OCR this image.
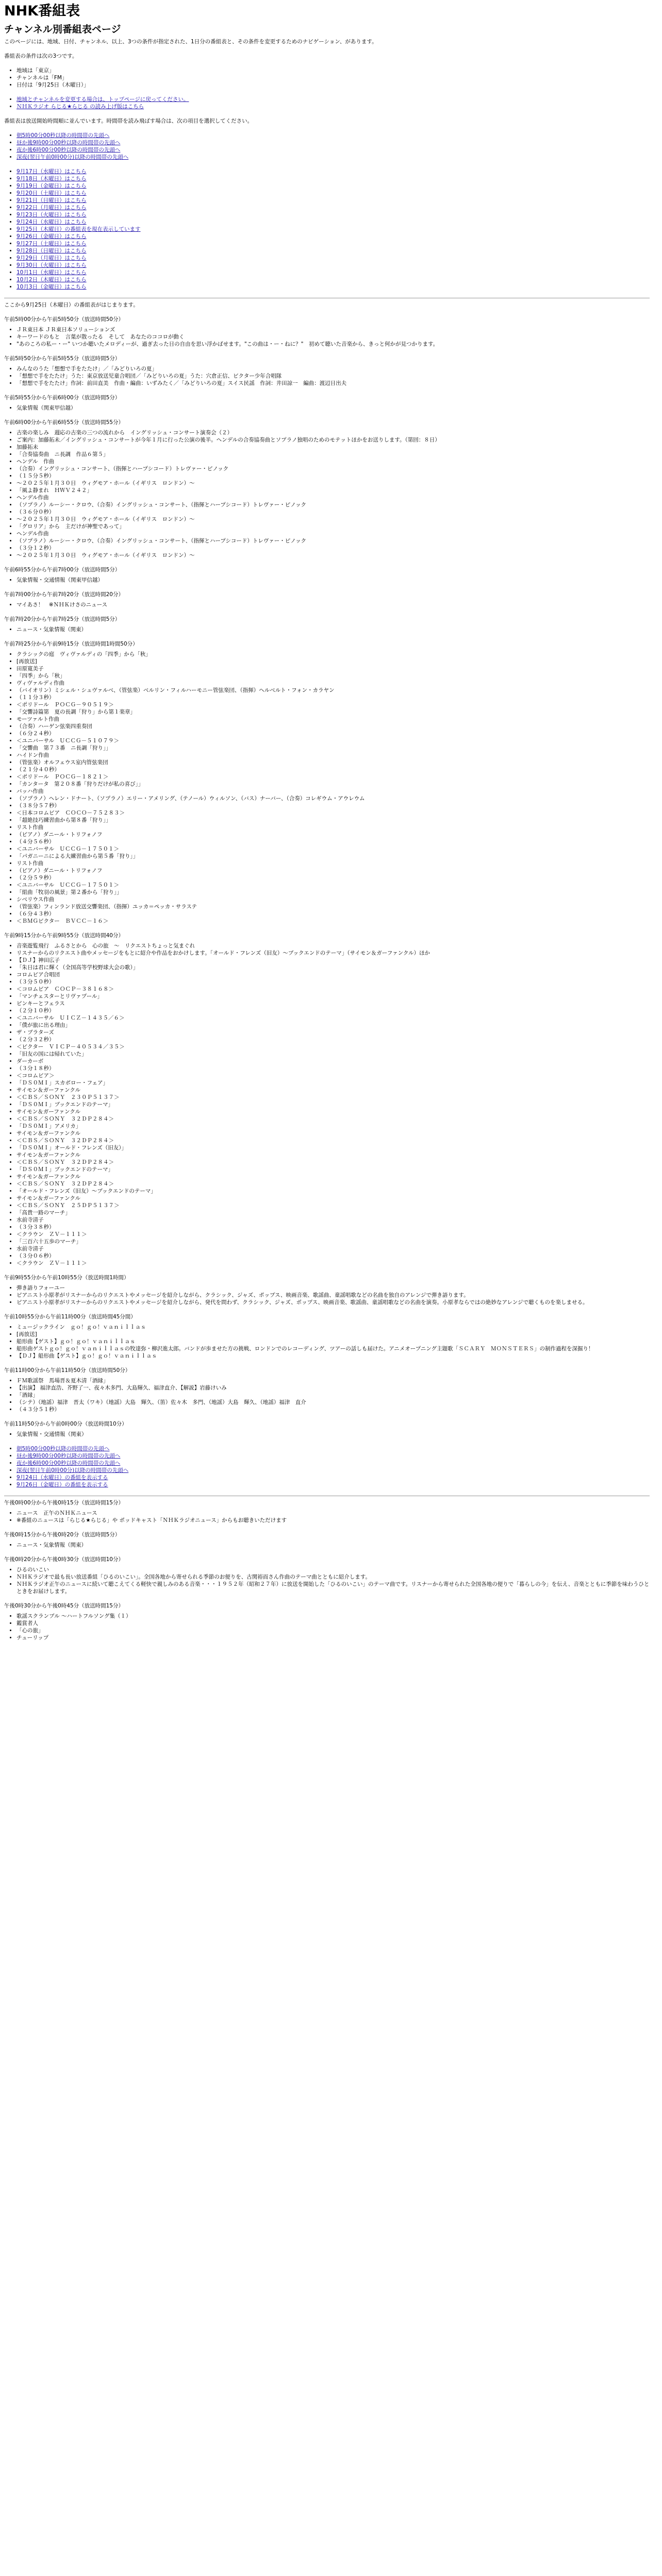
NHK番組表
チャンネル別番組表ページ

このページには、地域、日付、チャンネル、以上、3つの条件が指定された、1日分の番組表と、その条件を変更するためのナビゲーション、があります。

番組表の条件は次の3つです。

• 地域は「東京」
• チャンネルは「FM」
• 日付は「9月25日（木曜日）」
• 地域とチャンネルを変更する場合は、トップページに戻ってください。
• ＮＨＫラジオ らじる★らじる の読み上げ版はこちら

番組表は放送開始時間順に並んでいます。時間帯を読み飛ばす場合は、次の項目を選択してください。

• 朝5時00分00秒以降の時間帯の先頭へ
• 昼か後9時00分00秒以降の時間帯の先頭へ
• 夜か後6時00分00秒以降の時間帯の先頭へ
• 深夜(翌日午前0時00分)以降の時間帯の先頭へ
• 9月17日（水曜日）はこちら
• 9月18日（木曜日）はこちら
• 9月19日（金曜日）はこちら
• 9月20日（土曜日）はこちら
• 9月21日（日曜日）はこちら
• 9月22日（月曜日）はこちら
• 9月23日（火曜日）はこちら
• 9月24日（水曜日）はこちら
• 9月25日（木曜日）の番組表を現在表示しています
• 9月26日（金曜日）はこちら
• 9月27日（土曜日）はこちら
• 9月28日（日曜日）はこちら
• 9月29日（月曜日）はこちら
• 9月30日（火曜日）はこちら
• 10月1日（水曜日）はこちら
• 10月2日（木曜日）はこちら
• 10月3日（金曜日）はこちら

ここから9月25日（木曜日）の番組表がはじまります。

午前5時00分から午前5時50分（放送時間50分）

• ＪＲ東日本 ＪＲ東日本ソリューションズ
• キーワードのもと　言葉が散ったる　そして　あなたのココロが動く
• "あのころの私ー・ー" いつか聴いたメロディーが、過ぎ去った日の自由を思い浮かばせます。"この曲は・ー・ねに？"　初めて聴いた音楽から、きっと何かが見つかります。

午前5時50分から午前5時55分（放送時間5分）

• みんなのうた「想想で手をたたけ」／「みどりいろの夏」
• 「想想で手をたたけ」うた：東京放送児童合唱団／「みどりいろの夏」うた：穴倉正信、ビクター少年合唱隊
• 「想想で手をたたけ」作詞：前田直美　作曲・編曲：いずみたく／「みどりいろの夏」スイス民謡　作詞：井田諒一　編曲：渡辺日出夫

午前5時55分から午前6時00分（放送時間5分）

• 気象情報（関東甲信越）

午前6時00分から午前6時55分（放送時間55分）

• 古楽の楽しみ　週応の古楽の三つの流れから　イングリッシュ・コンサート演奏会（２）
• ご案内：加藤拓未／イングリッシュ・コンサートが今年１月に行った公演の後半。ヘンデルの合奏協奏曲とソプラノ独唱のためのモテットほかをお送りします。（第回：８日）
• 加藤拓未
• 「合奏協奏曲　ニ長調　作品６第５」
• ヘンデル　作曲
• （合奏）イングリッシュ・コンサート、（指揮とハープシコード）トレヴァー・ピノック
• （１５分５秒）
• ～２０２５年１月３０日　ウィグモア・ホール（イギリス　ロンドン）～
• 「風よ静まれ　ＨＷＶ２４２」
• ヘンデル作曲
• （ソプラノ）ルーシー・クロウ、（合奏）イングリッシュ・コンサート、（指揮とハープシコード）トレヴァー・ピノック
• （３６分０秒）
• ～２０２５年１月３０日　ウィグモア・ホール（イギリス　ロンドン）～
• 「グロリア」から　主だけが神聖であって」
• ヘンデル作曲
• （ソプラノ）ルーシー・クロウ、（合奏）イングリッシュ・コンサート、（指揮とハープシコード）トレヴァー・ピノック
• （３分１２秒）
• ～２０２５年１月３０日　ウィグモア・ホール（イギリス　ロンドン）～

午前6時55分から午前7時00分（放送時間5分）

• 気象情報・交通情報（関東甲信越）

午前7時00分から午前7時20分（放送時間20分）

• マイあさ！　※ＮＨＫけさのニュース

午前7時20分から午前7時25分（放送時間5分）

• ニュース・気象情報（関東）

午前7時25分から午前9時15分（放送時間1時間50分）

• クラシックの庭　ヴィヴァルディの「四季」から「秋」
• [再放送]
• 田原寛美子
• 「四季」から「秋」
• ヴィヴァルディ作曲
• （バイオリン）ミシェル・シュヴァルベ、（管弦楽）ベルリン・フィルハーモニー管弦楽団、（指揮）ヘルベルト・フォン・カラヤン
• （１１分３秒）
• ＜ポリドール　ＰＯＣＧ－９０５１９＞
• 「交響詩篇第　夏の長調「狩り」から第１楽章」
• モーツァルト作曲
• （合奏）ハーゲン弦楽四重奏団
• （６分２４秒）
• ＜ユニバーサル　ＵＣＣＧ－５１０７９＞
• 「交響曲　第７３番　ニ長調「狩り」」
• ハイドン作曲
• （管弦楽）オルフェウス室内管弦楽団
• （２１分４０秒）
• ＜ポリドール　ＰＯＣＧ－１８２１＞
• 「カンタータ　第２０８番「狩りだけが私の喜び」」
• バッハ作曲
• （ソプラノ）ヘレン・ドナート、（ソプラノ）エリー・アメリング、（テノール）ウィルソン、（バス）ナーバー、（合奏）コレギウム・アウレウム
• （３８分５７秒）
• ＜日本コロムビア　ＣＯＣＯ－７５２８３＞
• 「超絶技巧練習曲から第８番「狩り」」
• リスト作曲
• （ピアノ）ダニール・トリフォノフ
• （４分５６秒）
• ＜ユニバーサル　ＵＣＣＧ－１７５０１＞
• 「パガニーニによる大練習曲から第５番「狩り」」
• リスト作曲
• （ピアノ）ダニール・トリフォノフ
• （２分５９秒）
• ＜ユニバーサル　ＵＣＣＧ－１７５０１＞
• 「組曲「牧羽の風景」第２番から「狩り」」
• シベリウス作曲
• （管弦楽）フィンランド放送交響楽団、（指揮）ユッカ＝ペッカ・サラステ
• （６分４３秒）
• ＜ＢＭＧビクター　ＢＶＣＣ－１６＞

午前9時15分から午前9時55分（放送時間40分）

• 音楽遊覧飛行　ふるさとから　心の旅　～　リクエストちょっと気まぐれ
• リスナーからのリクエスト曲やメッセージをもとに紹介や作品をおかけします。「オールド・フレンズ（旧友）～ブックエンドのテーマ」（サイモン＆ガーファンクル）ほか
• 【ＤＪ】神田広子
• 「朱日は君に輝く（全国高等学校野球大会の歌）」
• コロムビア合唱団
• （３分５０秒）
• ＜コロムビア　ＣＯＣＰ－３８１６８＞
• 「マンチェスターとリヴァプール」
• ピンキーとフェラス
• （２分１０秒）
• ＜ユニバーサル　ＵＩＣＺ－１４３５／６＞
• 「僕が旅に出る理由」
• ザ・ブラターズ
• （２分３２秒）
• ＜ビクター　ＶＩＣＰ－４０５３４／３５＞
• 「旧友の国には帰れていた」
• ダーカーボ
• （３分１８秒）
• ＜コロムビア＞
• 「ＤＳ０ＭＩ」スカボロー・フェア」
• サイモン＆ガーファンクル
• ＜ＣＢＳ／ＳＯＮＹ　２３０Ｐ５１３７＞
• 「ＤＳ０ＭＩ」ブックエンドのテーマ」
• サイモン＆ガーファンクル
• ＜ＣＢＳ／ＳＯＮＹ　３２ＤＰ２８４＞
• 「ＤＳ０ＭＩ」アメリカ」
• サイモン＆ガーファンクル
• ＜ＣＢＳ／ＳＯＮＹ　３２ＤＰ２８４＞
• 「ＤＳ０ＭＩ」オールド・フレンズ（旧友）」
• サイモン＆ガーファンクル
• ＜ＣＢＳ／ＳＯＮＹ　３２ＤＰ２８４＞
• 「ＤＳ０ＭＩ」ブックエンドのテーマ」
• サイモン＆ガーファンクル
• ＜ＣＢＳ／ＳＯＮＹ　３２ＤＰ２８４＞
• 「オールド・フレンズ（旧友）～ブックエンドのテーマ」
• サイモン＆ガーファンクル
• ＜ＣＢＳ／ＳＯＮＹ　２５ＤＰ５１３７＞
• 「高貴一路のマーチ」
• 水前寺清子
• （３分３８秒）
• ＜クラウン　ＺＶ－１１１＞
• 「三百六十五歩のマーチ」
• 水前寺清子
• （３分０６秒）
• ＜クラウン　ＺＶ－１１１＞

午前9時55分から午前10時55分（放送時間1時間）

• 弾き語りフォーユー
• ピアニスト小原孝がリスナーからのリクエストやメッセージを紹介しながら、クラシック、ジャズ、ポップス、映画音楽、歌謡曲、童謡唱歌などの名曲を独自のアレンジで弾き語ります。
• ピアニスト小原孝がリスナーからのリクエストやメッセージを紹介しながら、発代を問わず、クラシック、ジャズ、ポップス、映画音楽、歌謡曲、童謡唱歌などの名曲を演奏。小原孝ならではの絶妙なアレンジで聴くものを楽しませる。

午前10時55分から午前11時00分（放送時間45分間）

• ミュージックライン　ｇｏ！ｇｏ！ｖａｎｉｌｌａｓ
• [再放送]
• 船形曲【ゲスト】ｇｏ！ｇｏ！ｖａｎｉｌｌａｓ
• 船形曲ゲストｇｏ！ｇｏ！ｖａｎｉｌｌａｓの牧達弥・柳沢進太郎。バンドが歩ませた方の挑戦、ロンドンでのレコーディング、ツアーの話しも届けた。アニメオープニング主題歌「ＳＣＡＲＹ　ＭＯＮＳＴＥＲＳ」の制作過程を深掘り！
• 【ＤＪ】船形曲【ゲスト】ｇｏ！ｇｏ！ｖａｎｉｌｌａｓ

午前11時00分から午前11時50分（放送時間50分）

• ＦＭ歌謡祭　馬場晋＆夏木清「酒縁」
• 【出演】 福津直浩、芥野了一、夜々木多門、大島輝久、福津直介、【解説】岩藤けいみ
• 「酒縁」
• （シテ）（地謡）福津　晋太（ワキ）（地謡）大島　輝久、（笛）佐々木　多門、（地謡）大島　輝久、（地謡）福津　直介
• （４３分５１秒）

午前11時50分から午前0時00分（放送時間10分）

• 気象情報・交通情報（関東）
• 朝5時00分00秒以降の時間帯の先頭へ
• 昼か後9時00分00秒以降の時間帯の先頭へ
• 夜か後6時00分00秒以降の時間帯の先頭へ
• 深夜(翌日午前0時00分)以降の時間帯の先頭へ
• 9月24日（水曜日）の番組を表示する
• 9月26日（金曜日）の番組を表示する

午後0時00分から午後0時15分（放送時間15分）

• ニュース　正午のＮＨＫニュース
• ※番組のニュースは「らじる★らじる」や ポッドキャスト「ＮＨＫラジオニュース」からもお聴きいただけます

午後0時15分から午後0時20分（放送時間5分）

• ニュース・気象情報（関東）

午後0時20分から午後0時30分（放送時間10分）

• ひるのいこい
• ＮＨＫラジオで最も長い放送番組「ひるのいこい」。全国各地から寄せられる季節のお便りを、古関裕而さん作曲のテーマ曲とともに紹介します。
• ＮＨＫラジオ正午のニュースに続いて聴こえてくる軽快で親しみのある音楽・・・１９５２年（昭和２７年）に放送を開始した「ひるのいこい」のテーマ曲です。リスナーから寄せられた全国各地の便りで「暮らしの今」を伝え、音楽とともに季節を味わうひとときをお届けします。

午後0時30分から午後0時45分（放送時間15分）

• 歌謡スクランブル ～ハートフルソング集（１）
• 鑑賞者人
• 「心の旅」
• チューリップ
